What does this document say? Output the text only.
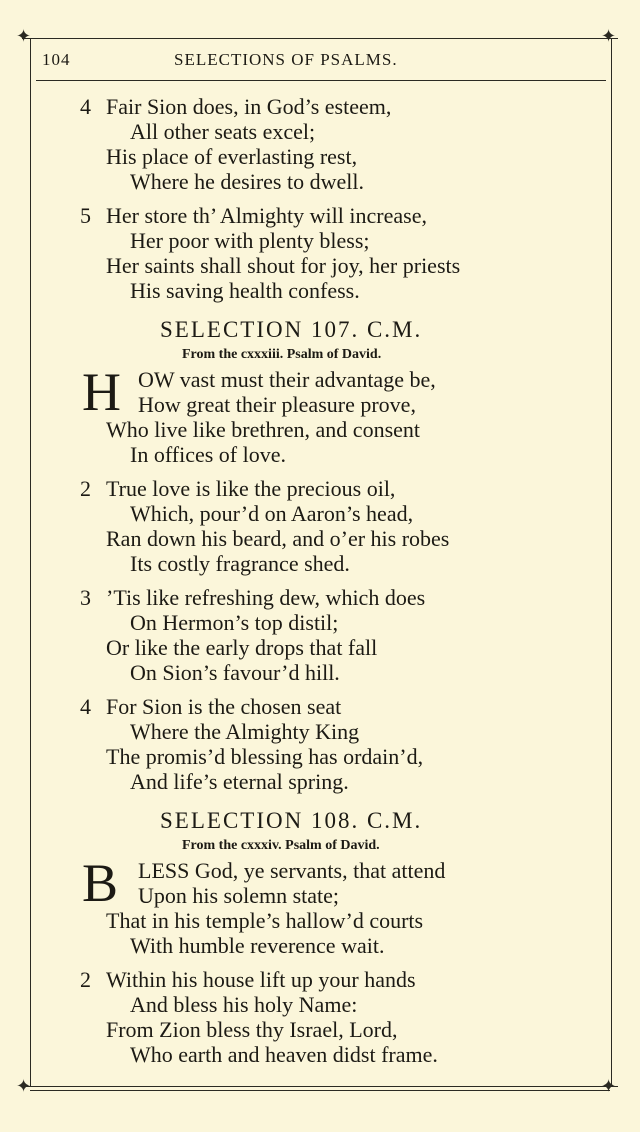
✦	✦
✦	✦
104	SELECTIONS OF PSALMS.
4 Fair Sion does, in God’s esteem,
All other seats excel;
His place of everlasting rest,
Where he desires to dwell.
5 Her store th’ Almighty will increase,
Her poor with plenty bless;
Her saints shall shout for joy, her priests
His saving health confess.
SELECTION 107. C.M.
From the cxxxiii. Psalm of David.
H OW vast must their advantage be,
How great their pleasure prove,
Who live like brethren, and consent
In offices of love.
2 True love is like the precious oil,
Which, pour’d on Aaron’s head,
Ran down his beard, and o’er his robes
Its costly fragrance shed.
3 ’Tis like refreshing dew, which does
On Hermon’s top distil;
Or like the early drops that fall
On Sion’s favour’d hill.
4 For Sion is the chosen seat
Where the Almighty King
The promis’d blessing has ordain’d,
And life’s eternal spring.
SELECTION 108. C.M.
From the cxxxiv. Psalm of David.
B LESS God, ye servants, that attend
Upon his solemn state;
That in his temple’s hallow’d courts
With humble reverence wait.
2 Within his house lift up your hands
And bless his holy Name:
From Zion bless thy Israel, Lord,
Who earth and heaven didst frame.
